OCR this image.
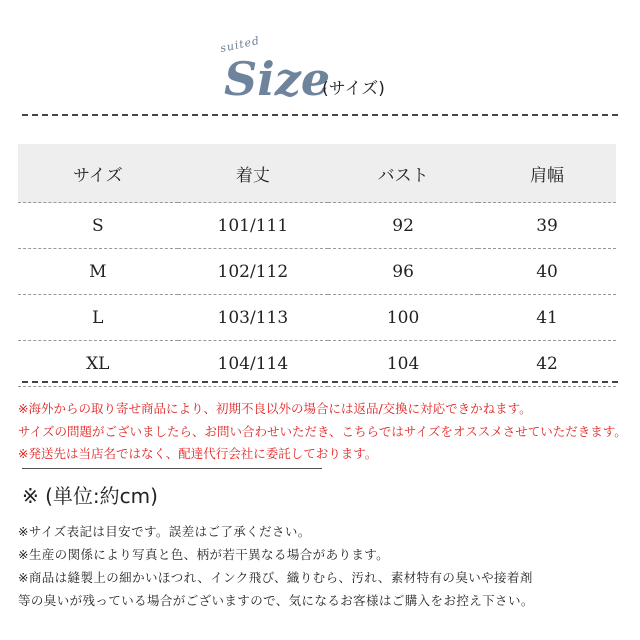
suited
Size
(サイズ)
サイズ	着丈	バスト	肩幅
S	101/111	92	39
M	102/112	96	40
L	103/113	100	41
XL	104/114	104	42
※海外からの取り寄せ商品により、初期不良以外の場合には返品/交換に対応できかねます。
サイズの問題がございましたら、お問い合わせいただき、こちらではサイズをオススメさせていただきます。
※発送先は当店名ではなく、配達代行会社に委託しております。
※ (単位:約cm)
※サイズ表記は目安です。誤差はご了承ください。
※生産の関係により写真と色、柄が若干異なる場合があります。
※商品は縫製上の細かいほつれ、インク飛び、織りむら、汚れ、素材特有の臭いや接着剤
等の臭いが残っている場合がございますので、気になるお客様はご購入をお控え下さい。
